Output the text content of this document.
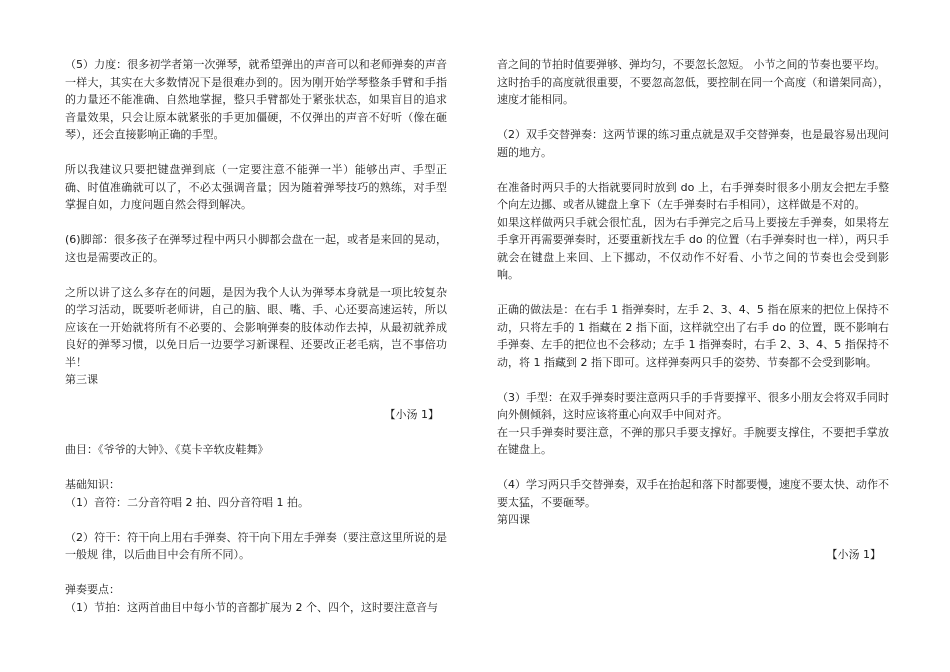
（5）力度：很多初学者第一次弹琴，就希望弹出的声音可以和老师弹奏的声音一样大，其实在大多数情况下是很难办到的。因为刚开始学琴整条手臂和手指的力量还不能准确、自然地掌握，整只手臂都处于紧张状态，如果盲目的追求音量效果，只会让原本就紧张的手更加僵硬，不仅弹出的声音不好听（像在砸琴），还会直接影响正确的手型。

所以我建议只要把键盘弹到底（一定要注意不能弹一半）能够出声、手型正确、时值准确就可以了，不必太强调音量；因为随着弹琴技巧的熟练，对手型掌握自如，力度问题自然会得到解决。

(6)脚部：很多孩子在弹琴过程中两只小脚都会盘在一起，或者是来回的晃动，这也是需要改正的。

之所以讲了这么多存在的问题，是因为我个人认为弹琴本身就是一项比较复杂的学习活动，既要听老师讲，自己的脑、眼、嘴、手、心还要高速运转，所以应该在一开始就将所有不必要的、会影响弹奏的肢体动作去掉，从最初就养成良好的弹琴习惯，以免日后一边要学习新课程、还要改正老毛病，岂不事倍功半！

第三课

【小汤 1】

曲目：《爷爷的大钟》、《莫卡辛软皮鞋舞》

基础知识：

（1）音符：二分音符唱 2 拍、四分音符唱 1 拍。

（2）符干：符干向上用右手弹奏、符干向下用左手弹奏（要注意这里所说的是一般规 律，以后曲目中会有所不同）。

弹奏要点：

（1）节拍：这两首曲目中每小节的音都扩展为 2 个、四个，这时要注意音与

音之间的节拍时值要弹够、弹均匀，不要忽长忽短。 小节之间的节奏也要平均。

这时抬手的高度就很重要，不要忽高忽低，要控制在同一个高度（和谱架同高），速度才能相同。

（2）双手交替弹奏：这两节课的练习重点就是双手交替弹奏，也是最容易出现问题的地方。

在准备时两只手的大指就要同时放到 do 上，右手弹奏时很多小朋友会把左手整个向左边挪、或者从键盘上拿下（左手弹奏时右手相同），这样做是不对的。

如果这样做两只手就会很忙乱，因为右手弹完之后马上要接左手弹奏，如果将左手拿开再需要弹奏时，还要重新找左手 do 的位置（右手弹奏时也一样），两只手就会在键盘上来回、上下挪动，不仅动作不好看、小节之间的节奏也会受到影响。

正确的做法是：在右手 1 指弹奏时，左手 2、3、4、5 指在原来的把位上保持不动，只将左手的 1 指藏在 2 指下面，这样就空出了右手 do 的位置，既不影响右手弹奏、左手的把位也不会移动；左手 1 指弹奏时，右手 2、3、4、5 指保持不动，将 1 指藏到 2 指下即可。这样弹奏两只手的姿势、节奏都不会受到影响。

（3）手型：在双手弹奏时要注意两只手的手背要撑平、很多小朋友会将双手同时向外侧倾斜，这时应该将重心向双手中间对齐。

在一只手弹奏时要注意，不弹的那只手要支撑好。手腕要支撑住，不要把手掌放在键盘上。

（4）学习两只手交替弹奏，双手在抬起和落下时都要慢，速度不要太快、动作不要太猛，不要砸琴。

第四课

【小汤 1】
